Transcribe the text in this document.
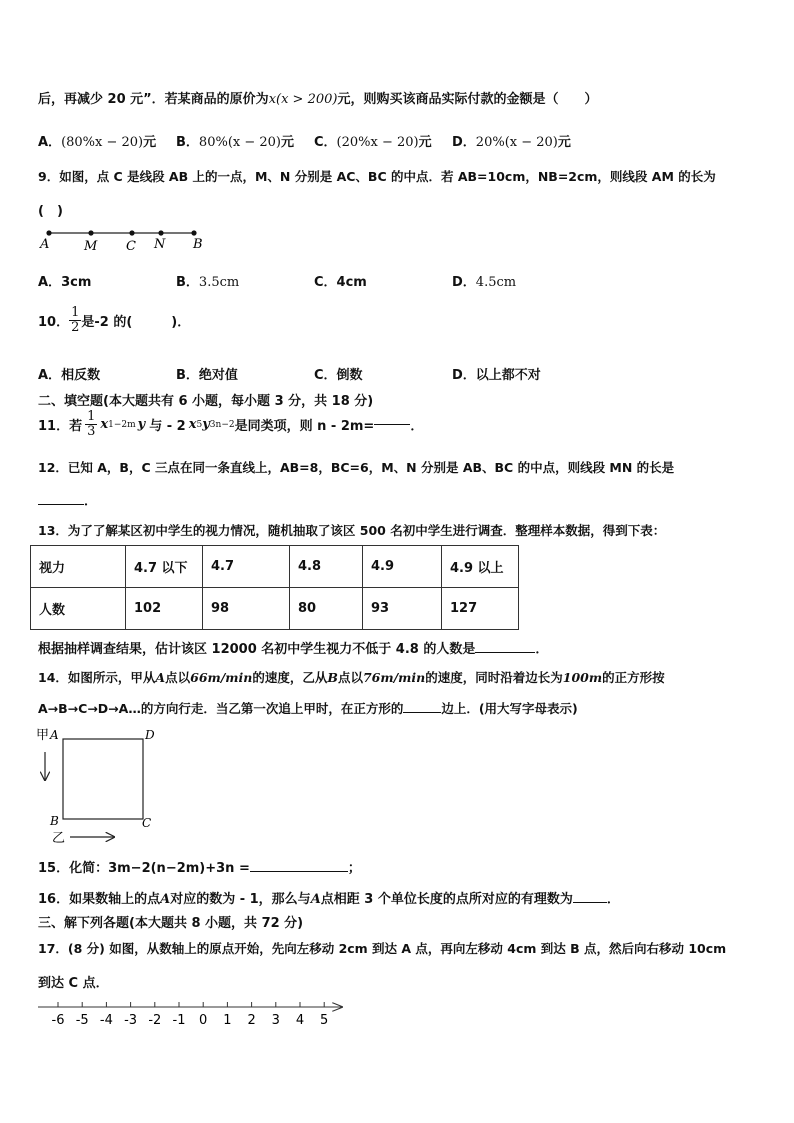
后，再减少 20 元”．若某商品的原价为x(x > 200)元，则购买该商品实际付款的金额是（　　）
A．(80%x − 20)元 B．80%(x − 20)元 C．(20%x − 20)元 D．20%(x − 20)元
9．如图，点 C 是线段 AB 上的一点，M、N 分别是 AC、BC 的中点．若 AB=10cm，NB=2cm，则线段 AM 的长为
(　)
A	M C N B
A．3cm	B．3.5cm	C．4cm	D．4.5cm
10． $\frac{1}{2}$ 是-2 的(　　　)．
A．相反数	B．绝对值	C．倒数	D．以上都不对
二、填空题(本大题共有 6 小题，每小题 3 分，共 18 分)
11．若 $\frac{1}{3}$ x 1−2m y 与 - 2 x 5 y 3n−2 是同类项，则 n - 2m=	．
12．已知 A，B，C 三点在同一条直线上，AB=8，BC=6，M、N 分别是 AB、BC 的中点，则线段 MN 的长是
．
13．为了了解某区初中学生的视力情况，随机抽取了该区 500 名初中学生进行调查．整理样本数据，得到下表：
视力	4.7 以下	4.7	4.8	4.9	4.9 以上
人数	102	98	80	93	127
根据抽样调查结果，估计该区 12000 名初中学生视力不低于 4.8 的人数是	．
14．如图所示，甲从A点以66m/min的速度，乙从B点以76m/min的速度，同时沿着边长为100m的正方形按
A→B→C→D→A…的方向行走．当乙第一次追上甲时，在正方形的	边上．(用大写字母表示)
甲 A	D
B	C
乙
15．化简：3m−2(n−2m)+3n =	；
16．如果数轴上的点A对应的数为 - 1，那么与A点相距 3 个单位长度的点所对应的有理数为	．
三、解下列各题(本大题共 8 小题，共 72 分)
17．(8 分) 如图，从数轴上的原点开始，先向左移动 2cm 到达 A 点，再向左移动 4cm 到达 B 点，然后向右移动 10cm
到达 C 点．
-6 -5 -4 -3 -2 -1 0 1 2 3 4 5
